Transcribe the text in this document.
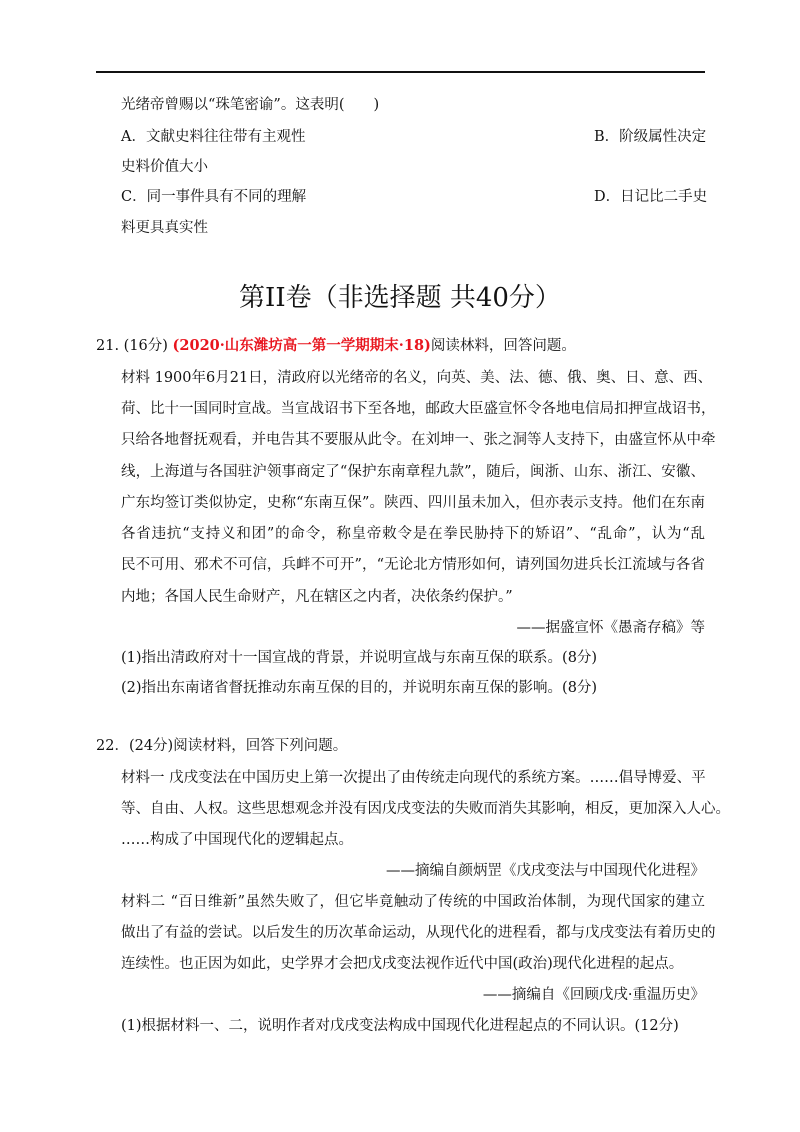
光绪帝曾赐以“珠笔密谕”。这表明(　　)
A．文献史料往往带有主观性	B．阶级属性决定
史料价值大小
C．同一事件具有不同的理解	D．日记比二手史
料更具真实性
第II卷（非选择题 共40分）
21. (16分) (2020·山东潍坊高一第一学期期末·18)阅读林料，回答问题。
材料 1900年6月21日，清政府以光绪帝的名义，向英、美、法、德、俄、奥、日、意、西、
荷、比十一国同时宣战。当宣战诏书下至各地，邮政大臣盛宣怀令各地电信局扣押宣战诏书，
只给各地督抚观看，并电告其不要服从此令。在刘坤一、张之洞等人支持下，由盛宣怀从中牵
线，上海道与各国驻沪领事商定了“保护东南章程九款”，随后，闽浙、山东、浙江、安徽、
广东均签订类似协定，史称“东南互保”。陕西、四川虽未加入，但亦表示支持。他们在东南
各省违抗“支持义和团”的命令，称皇帝敕令是在拳民胁持下的矫诏”、“乱命”，认为“乱
民不可用、邪术不可信，兵衅不可开”，“无论北方情形如何，请列国勿进兵长江流域与各省
内地；各国人民生命财产，凡在辖区之内者，决依条约保护。”
——据盛宣怀《愚斋存稿》等
(1)指出清政府对十一国宣战的背景，并说明宣战与东南互保的联系。(8分)
(2)指出东南诸省督抚推动东南互保的目的，并说明东南互保的影响。(8分)
22．(24分)阅读材料，回答下列问题。
材料一 戊戌变法在中国历史上第一次提出了由传统走向现代的系统方案。……倡导博爱、平
等、自由、人权。这些思想观念并没有因戊戌变法的失败而消失其影响，相反，更加深入人心。
……构成了中国现代化的逻辑起点。
——摘编自颜炳罡《戊戌变法与中国现代化进程》
材料二 “百日维新”虽然失败了，但它毕竟触动了传统的中国政治体制，为现代国家的建立
做出了有益的尝试。以后发生的历次革命运动，从现代化的进程看，都与戊戌变法有着历史的
连续性。也正因为如此，史学界才会把戊戌变法视作近代中国(政治)现代化进程的起点。
——摘编自《回顾戊戌·重温历史》
(1)根据材料一、二，说明作者对戊戌变法构成中国现代化进程起点的不同认识。(12分)
